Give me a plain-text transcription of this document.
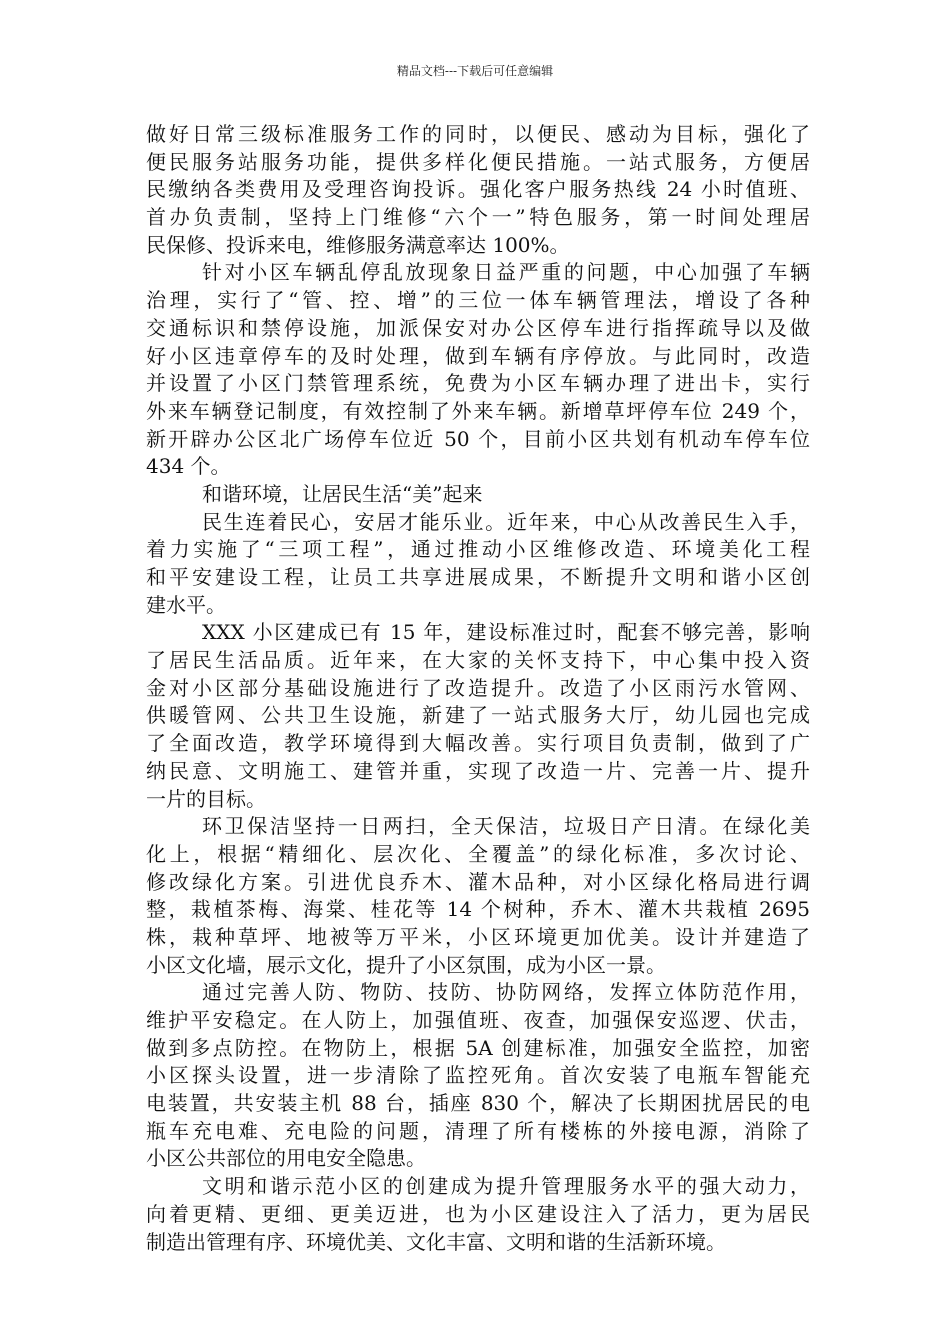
精品文档---下载后可任意编辑
做好日常三级标准服务工作的同时，以便民、感动为目标，强化了
便民服务站服务功能，提供多样化便民措施。一站式服务，方便居
民缴纳各类费用及受理咨询投诉。强化客户服务热线 24 小时值班、
首办负责制，坚持上门维修“六个一”特色服务，第一时间处理居
民保修、投诉来电，维修服务满意率达 100%。
针对小区车辆乱停乱放现象日益严重的问题，中心加强了车辆
治理，实行了“管、控、增”的三位一体车辆管理法，增设了各种
交通标识和禁停设施，加派保安对办公区停车进行指挥疏导以及做
好小区违章停车的及时处理，做到车辆有序停放。与此同时，改造
并设置了小区门禁管理系统，免费为小区车辆办理了进出卡，实行
外来车辆登记制度，有效控制了外来车辆。新增草坪停车位 249 个，
新开辟办公区北广场停车位近 50 个，目前小区共划有机动车停车位
434 个。
和谐环境，让居民生活“美”起来
民生连着民心，安居才能乐业。近年来，中心从改善民生入手，
着力实施了“三项工程”，通过推动小区维修改造、环境美化工程
和平安建设工程，让员工共享进展成果，不断提升文明和谐小区创
建水平。
XXX 小区建成已有 15 年，建设标准过时，配套不够完善，影响
了居民生活品质。近年来，在大家的关怀支持下，中心集中投入资
金对小区部分基础设施进行了改造提升。改造了小区雨污水管网、
供暖管网、公共卫生设施，新建了一站式服务大厅，幼儿园也完成
了全面改造，教学环境得到大幅改善。实行项目负责制，做到了广
纳民意、文明施工、建管并重，实现了改造一片、完善一片、提升
一片的目标。
环卫保洁坚持一日两扫，全天保洁，垃圾日产日清。在绿化美
化上，根据“精细化、层次化、全覆盖”的绿化标准，多次讨论、
修改绿化方案。引进优良乔木、灌木品种，对小区绿化格局进行调
整，栽植茶梅、海棠、桂花等 14 个树种，乔木、灌木共栽植 2695
株，栽种草坪、地被等万平米，小区环境更加优美。设计并建造了
小区文化墙，展示文化，提升了小区氛围，成为小区一景。
通过完善人防、物防、技防、协防网络，发挥立体防范作用，
维护平安稳定。在人防上，加强值班、夜查，加强保安巡逻、伏击，
做到多点防控。在物防上，根据 5A 创建标准，加强安全监控，加密
小区探头设置，进一步清除了监控死角。首次安装了电瓶车智能充
电装置，共安装主机 88 台，插座 830 个，解决了长期困扰居民的电
瓶车充电难、充电险的问题，清理了所有楼栋的外接电源，消除了
小区公共部位的用电安全隐患。
文明和谐示范小区的创建成为提升管理服务水平的强大动力，
向着更精、更细、更美迈进，也为小区建设注入了活力，更为居民
制造出管理有序、环境优美、文化丰富、文明和谐的生活新环境。
